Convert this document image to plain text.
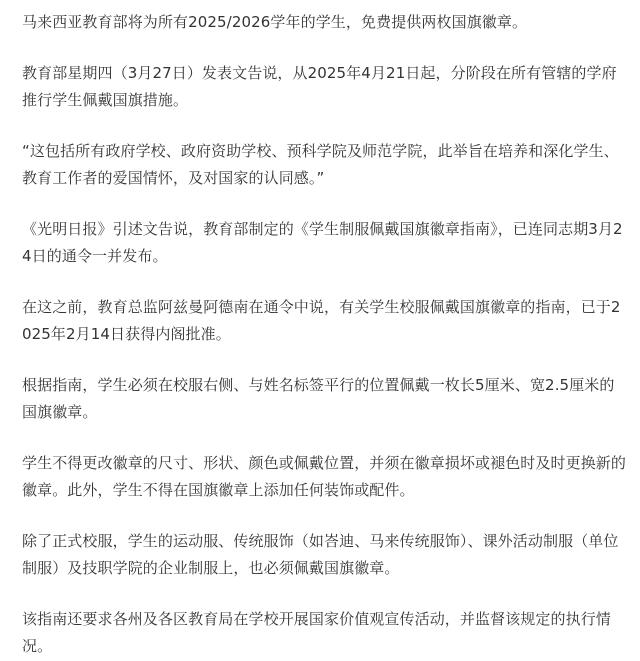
马来西亚教育部将为所有2025/2026学年的学生，免费提供两枚国旗徽章。

教育部星期四（3月27日）发表文告说，从2025年4月21日起，分阶段在所有管辖的学府推行学生佩戴国旗措施。

“这包括所有政府学校、政府资助学校、预科学院及师范学院，此举旨在培养和深化学生、教育工作者的爱国情怀，及对国家的认同感。”

《光明日报》引述文告说，教育部制定的《学生制服佩戴国旗徽章指南》，已连同志期3月24日的通令一并发布。

在这之前，教育总监阿兹曼阿德南在通令中说，有关学生校服佩戴国旗徽章的指南，已于2025年2月14日获得内阁批准。

根据指南，学生必须在校服右侧、与姓名标签平行的位置佩戴一枚长5厘米、宽2.5厘米的国旗徽章。

学生不得更改徽章的尺寸、形状、颜色或佩戴位置，并须在徽章损坏或褪色时及时更换新的徽章。此外，学生不得在国旗徽章上添加任何装饰或配件。

除了正式校服，学生的运动服、传统服饰（如峇迪、马来传统服饰）、课外活动制服（单位制服）及技职学院的企业制服上，也必须佩戴国旗徽章。

该指南还要求各州及各区教育局在学校开展国家价值观宣传活动，并监督该规定的执行情况。
